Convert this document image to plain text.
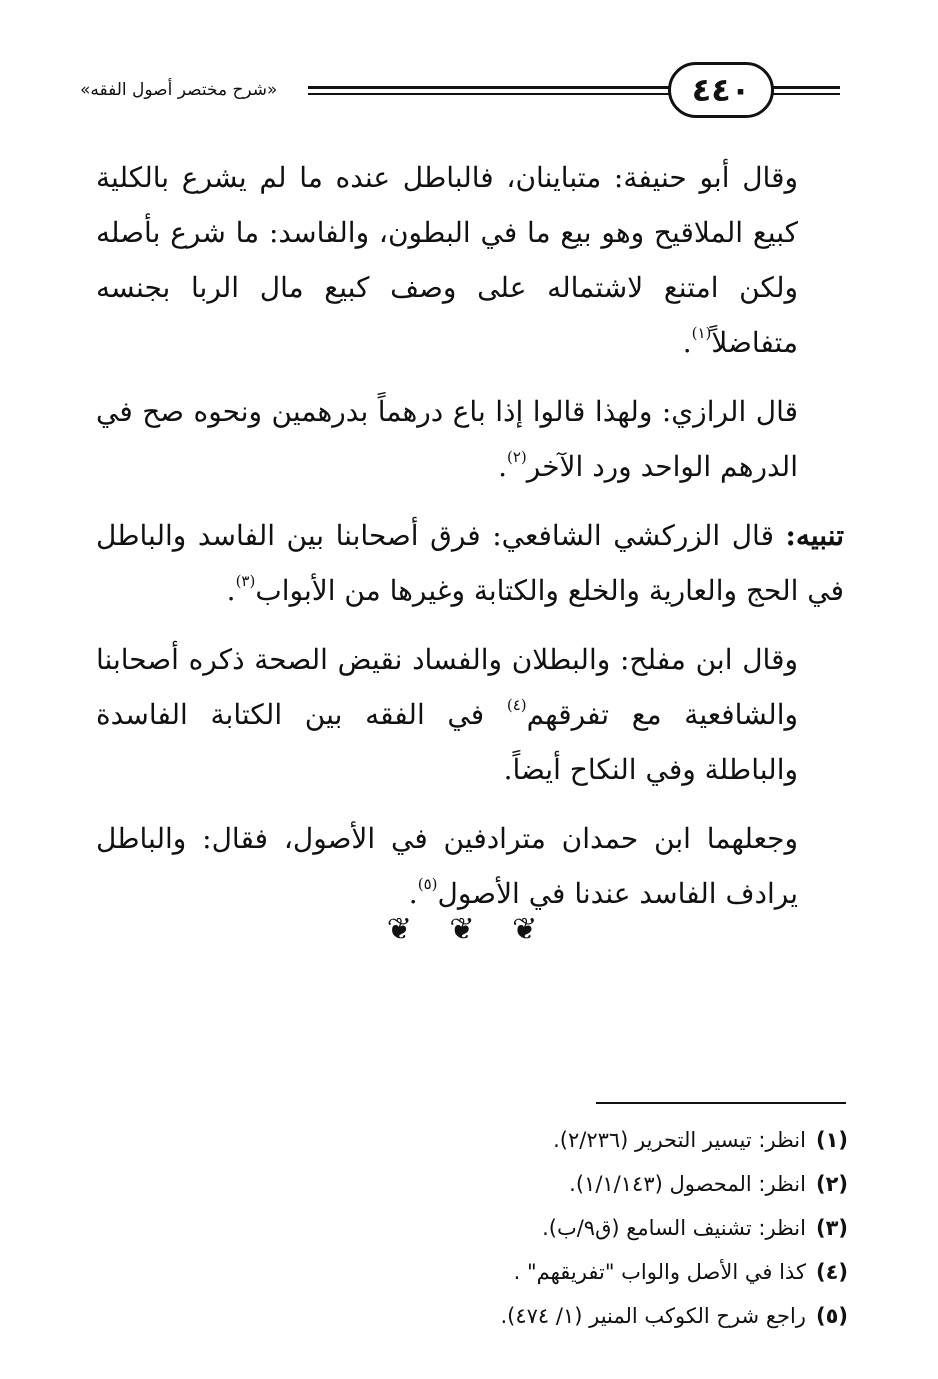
«شرح مختصر أصول الفقه»	٤٤٠

وقال أبو حنيفة: متباينان، فالباطل عنده ما لم يشرع بالكلية كبيع الملاقيح وهو بيع ما في البطون، والفاسد: ما شرع بأصله ولكن امتنع لاشتماله على وصف كبيع مال الربا بجنسه متفاضلاً$^{(١)}$.

قال الرازي: ولهذا قالوا إذا باع درهماً بدرهمين ونحوه صح في الدرهم الواحد ورد الآخر$^{(٢)}$.

تنبيه: قال الزركشي الشافعي: فرق أصحابنا بين الفاسد والباطل في الحج والعارية والخلع والكتابة وغيرها من الأبواب$^{(٣)}$.

وقال ابن مفلح: والبطلان والفساد نقيض الصحة ذكره أصحابنا والشافعية مع تفرقهم$^{(٤)}$ في الفقه بين الكتابة الفاسدة والباطلة وفي النكاح أيضاً.

وجعلهما ابن حمدان مترادفين في الأصول، فقال: والباطل يرادف الفاسد عندنا في الأصول$^{(٥)}$.

❦ ❦ ❦
(١)انظر: تيسير التحرير (٢/٢٣٦).
(٢)انظر: المحصول (١/١/١٤٣).
(٣)انظر: تشنيف السامع (ق٩/ب).
(٤)كذا في الأصل والواب "تفريقهم" .
(٥)راجع شرح الكوكب المنير (١/ ٤٧٤).
